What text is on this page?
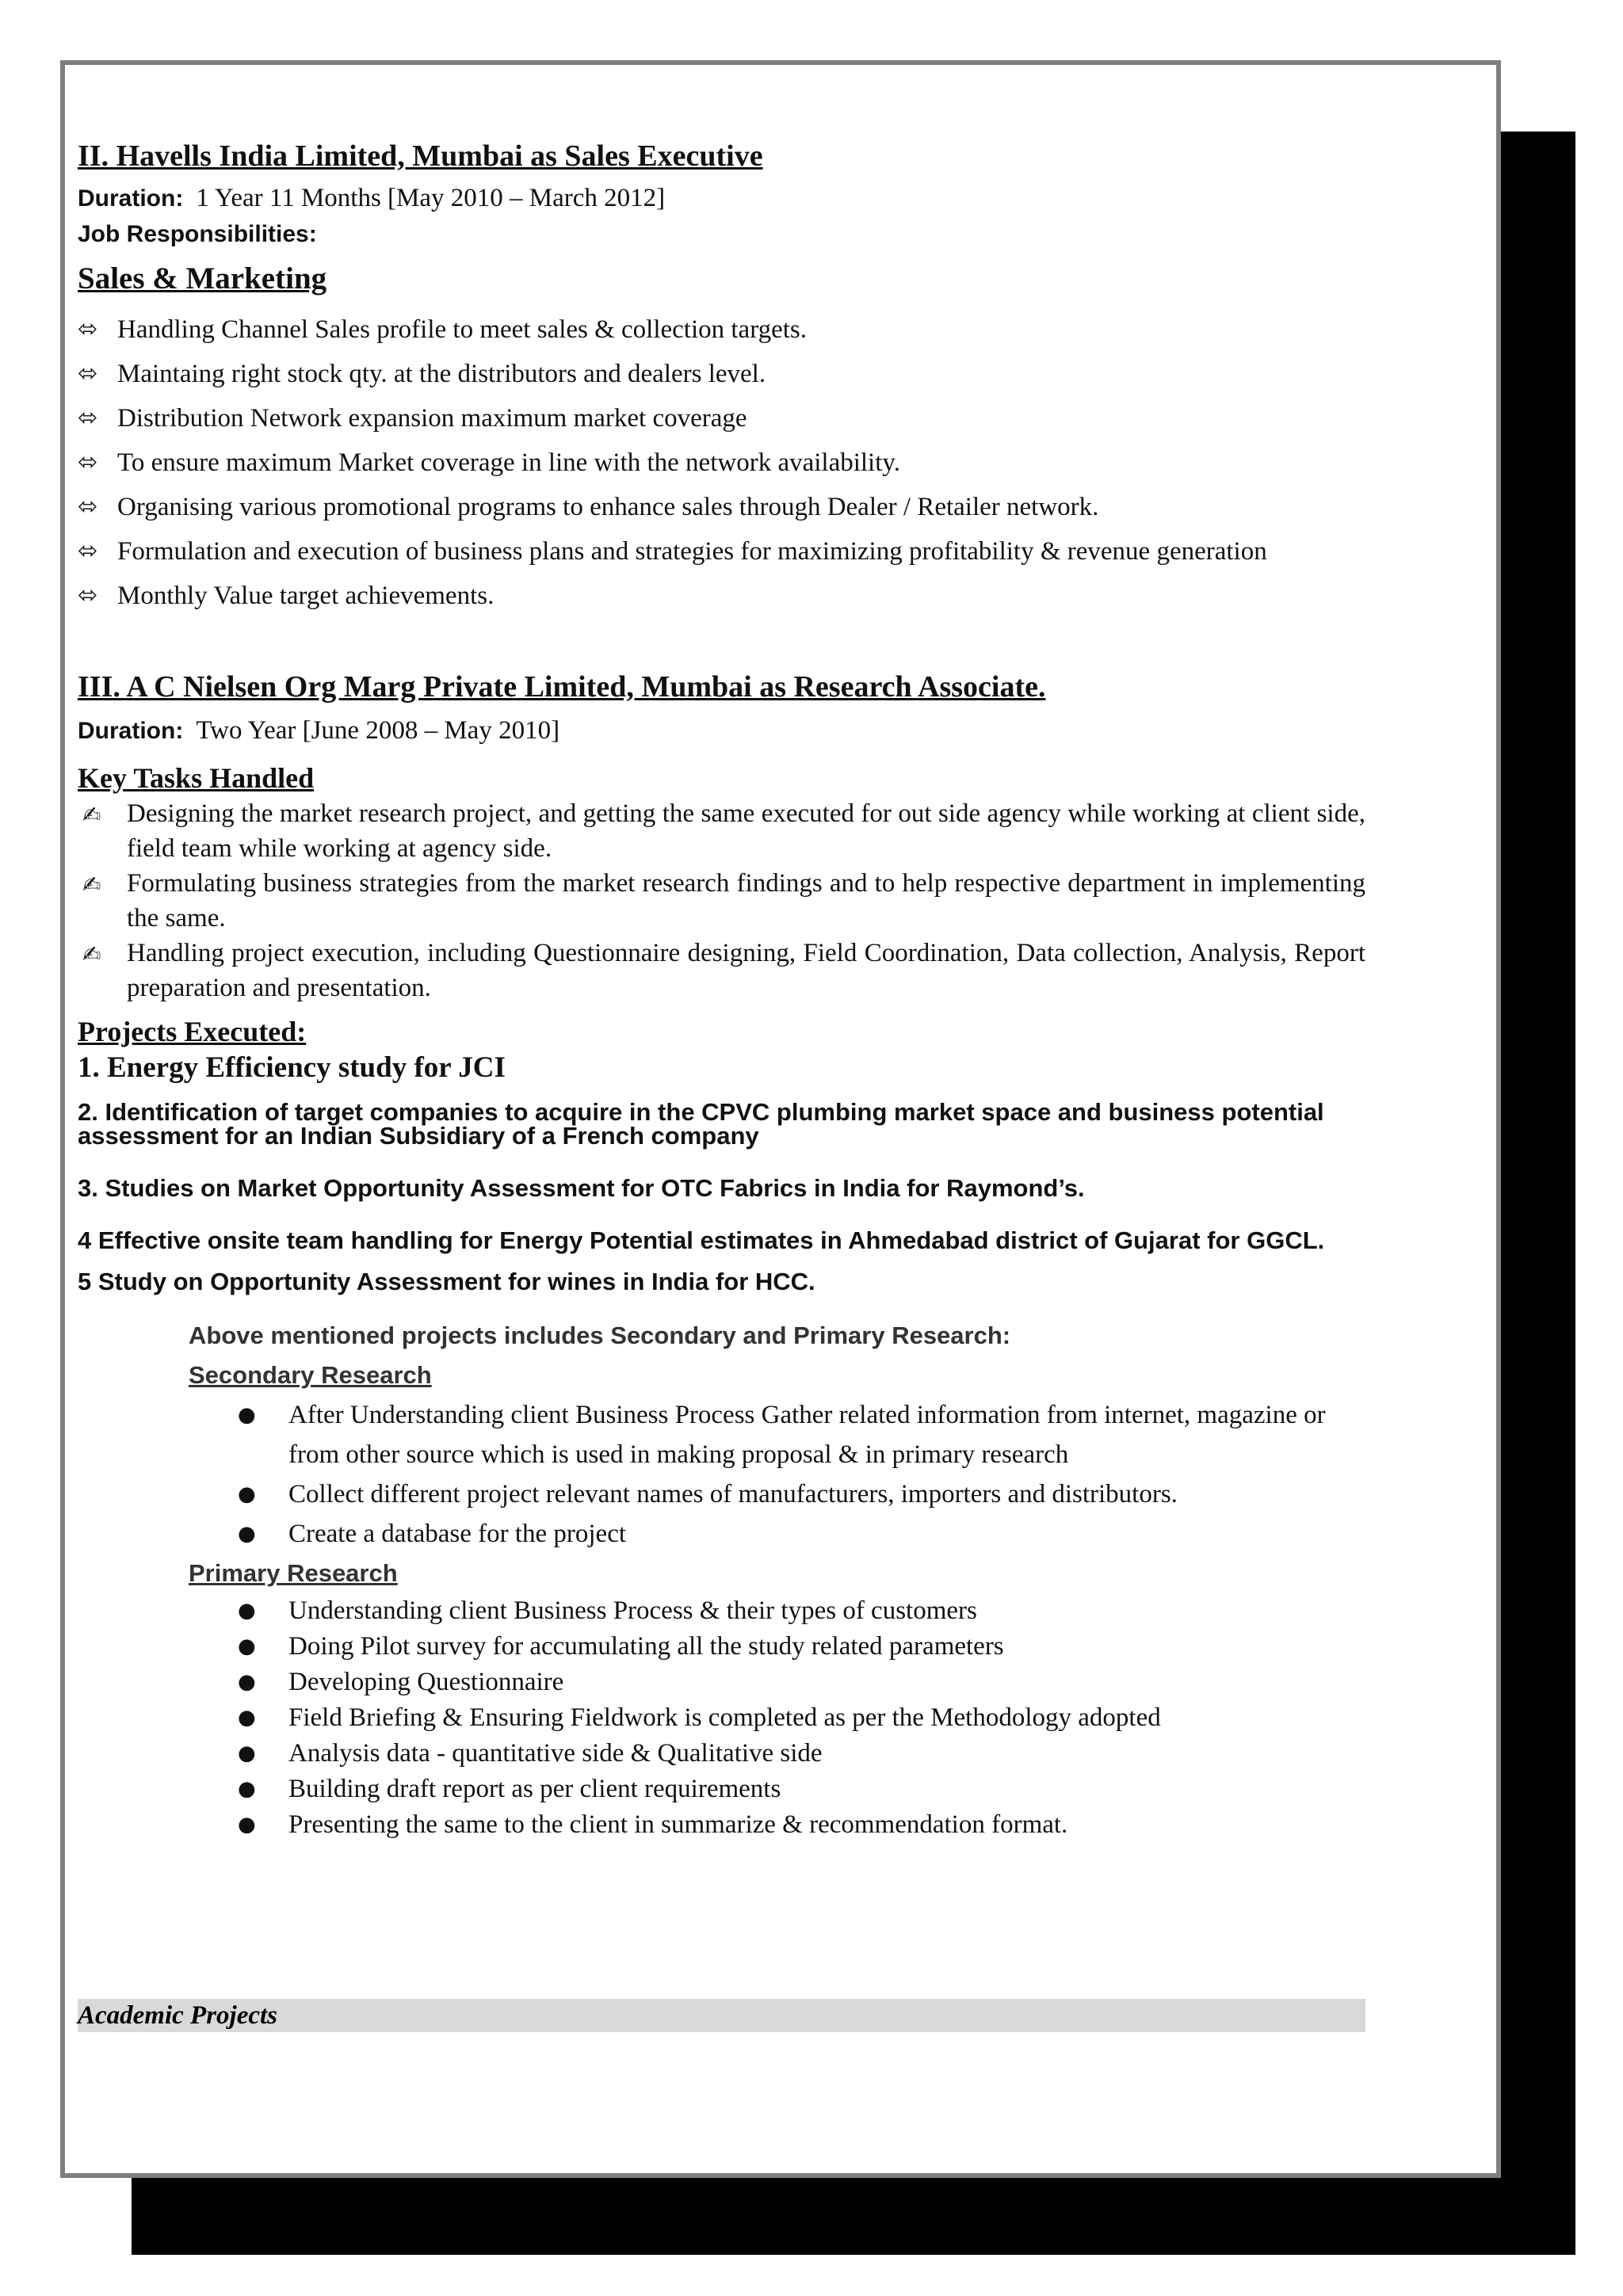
II. Havells India Limited, Mumbai as Sales Executive

Duration: 1 Year 11 Months [May 2010 – March 2012]

Job Responsibilities:

Sales & Marketing
⬄ Handling Channel Sales profile to meet sales & collection targets.
⬄ Maintaing right stock qty. at the distributors and dealers level.
⬄ Distribution Network expansion maximum market coverage
⬄ To ensure maximum Market coverage in line with the network availability.
⬄ Organising various promotional programs to enhance sales through Dealer / Retailer network.
⬄ Formulation and execution of business plans and strategies for maximizing profitability & revenue generation
⬄ Monthly Value target achievements.
III. A C Nielsen Org Marg Private Limited, Mumbai as Research Associate.

Duration: Two Year [June 2008 – May 2010]

Key Tasks Handled
✍ Designing the market research project, and getting the same executed for out side agency while working at client side, field team while working at agency side.
✍ Formulating business strategies from the market research findings and to help respective department in implementing the same.
✍ Handling project execution, including Questionnaire designing, Field Coordination, Data collection, Analysis, Report preparation and presentation.
Projects Executed:

1. Energy Efficiency study for JCI

2. Identification of target companies to acquire in the CPVC plumbing market space and business potential assessment for an Indian Subsidiary of a French company

3. Studies on Market Opportunity Assessment for OTC Fabrics in India for Raymond’s.

4 Effective onsite team handling for Energy Potential estimates in Ahmedabad district of Gujarat for GGCL.

5 Study on Opportunity Assessment for wines in India for HCC.

Above mentioned projects includes Secondary and Primary Research:

Secondary Research

● After Understanding client Business Process Gather related information from internet, magazine or from other source which is used in making proposal & in primary research
● Collect different project relevant names of manufacturers, importers and distributors.
● Create a database for the project

Primary Research

● Understanding client Business Process & their types of customers
● Doing Pilot survey for accumulating all the study related parameters
● Developing Questionnaire
● Field Briefing & Ensuring Fieldwork is completed as per the Methodology adopted
● Analysis data - quantitative side & Qualitative side
● Building draft report as per client requirements
● Presenting the same to the client in summarize & recommendation format.
Academic Projects
